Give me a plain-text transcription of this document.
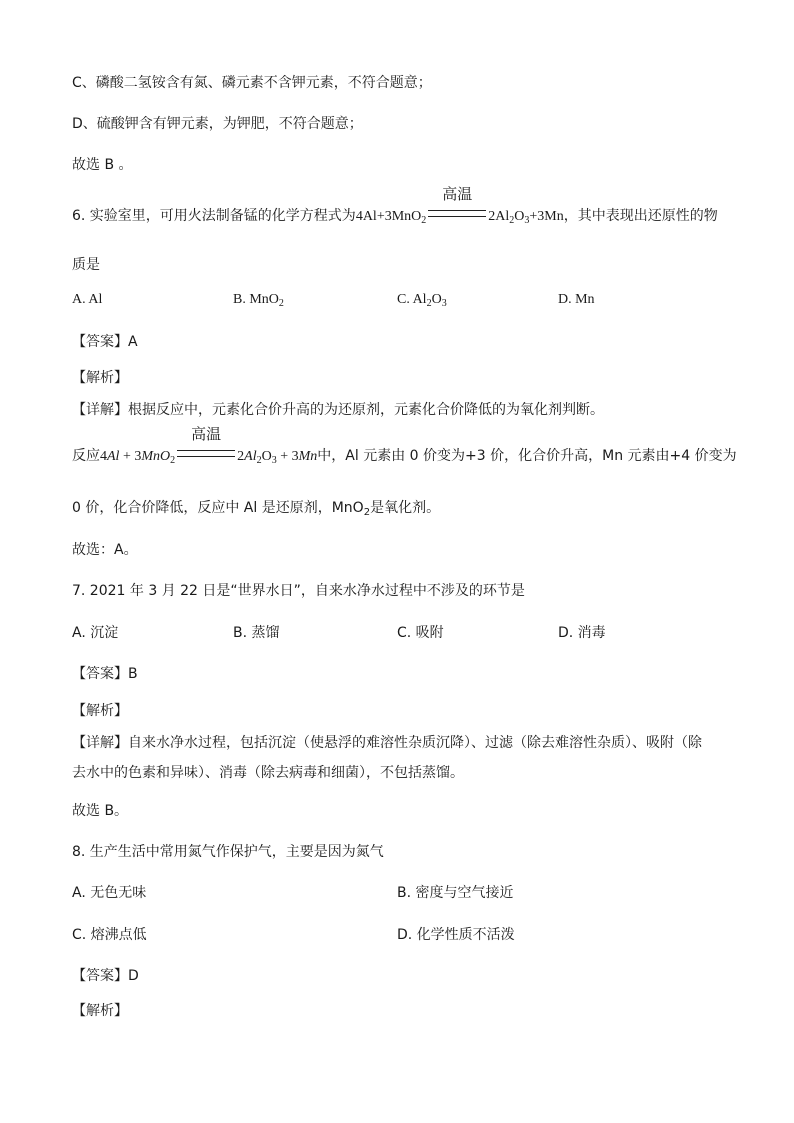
C、磷酸二氢铵含有氮、磷元素不含钾元素，不符合题意；
D、硫酸钾含有钾元素，为钾肥，不符合题意；
故选 B 。
6. 实验室里，可用火法制备锰的化学方程式为4Al+3MnO$_2$
高温
$2Al_2O_3+3Mn$，其中表现出还原性的物
质是
A. Al	B. MnO$_2$	C. $Al_2O_3$	D. Mn
【答案】A
【解析】
【详解】根据反应中，元素化合价升高的为还原剂，元素化合价降低的为氧化剂判断。
反应4Al + 3MnO$_2$
高温
$2Al_2O_3 + 3Mn$中，Al 元素由 0 价变为+3 价，化合价升高，Mn 元素由+4 价变为
0 价，化合价降低，反应中 Al 是还原剂，MnO$_2$是氧化剂。
故选：A。
7. 2021 年 3 月 22 日是“世界水日”，自来水净水过程中不涉及的环节是
A. 沉淀	B. 蒸馏	C. 吸附	D. 消毒
【答案】B
【解析】
【详解】自来水净水过程，包括沉淀（使悬浮的难溶性杂质沉降）、过滤（除去难溶性杂质）、吸附（除
去水中的色素和异味）、消毒（除去病毒和细菌），不包括蒸馏。
故选 B。
8. 生产生活中常用氮气作保护气，主要是因为氮气
A. 无色无味	B. 密度与空气接近
C. 熔沸点低	D. 化学性质不活泼
【答案】D
【解析】
